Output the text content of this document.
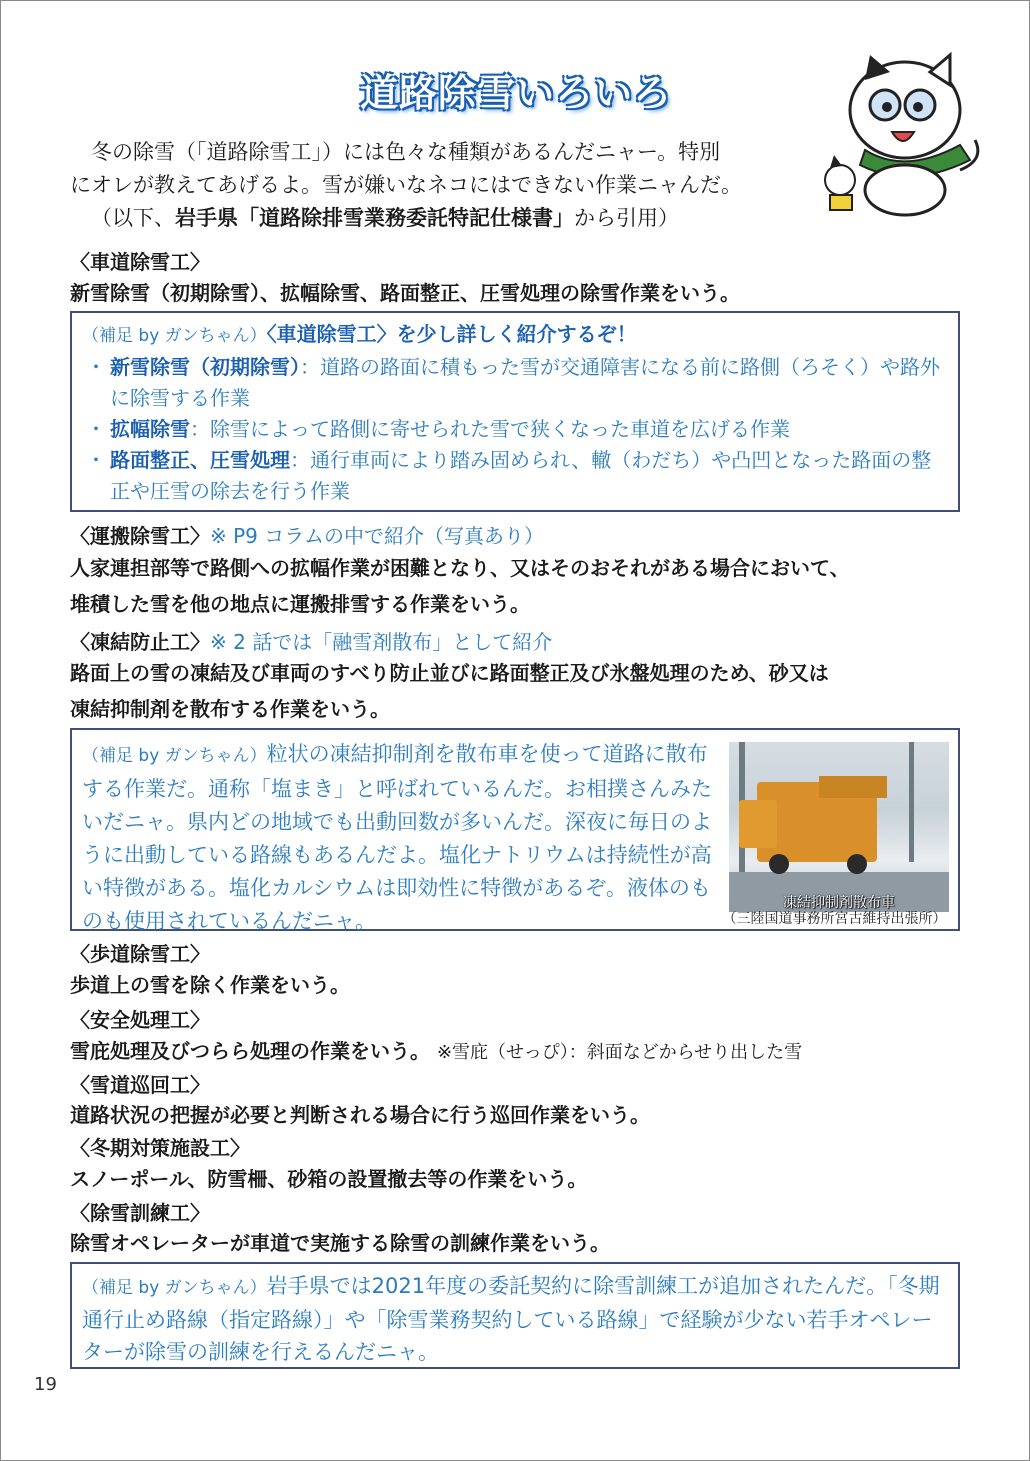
道路除雪いろいろ

冬の除雪（「道路除雪工」）には色々な種類があるんだニャー。特別

にオレが教えてあげるよ。雪が嫌いなネコにはできない作業ニャんだ。

（以下、岩手県「道路除排雪業務委託特記仕様書」から引用）

〈車道除雪工〉
新雪除雪（初期除雪）、拡幅除雪、路面整正、圧雪処理の除雪作業をいう。
（補足 by ガンちゃん）〈車道除雪工〉を少し詳しく紹介するぞ！
・ 新雪除雪（初期除雪）：道路の路面に積もった雪が交通障害になる前に路側（ろそく）や路外に除雪する作業
・ 拡幅除雪：除雪によって路側に寄せられた雪で狭くなった車道を広げる作業
・ 路面整正、圧雪処理：通行車両により踏み固められ、轍（わだち）や凸凹となった路面の整正や圧雪の除去を行う作業
〈運搬除雪工〉※ P9 コラムの中で紹介（写真あり）
人家連担部等で路側への拡幅作業が困難となり、又はそのおそれがある場合において、
堆積した雪を他の地点に運搬排雪する作業をいう。
〈凍結防止工〉※ 2 話では「融雪剤散布」として紹介
路面上の雪の凍結及び車両のすべり防止並びに路面整正及び氷盤処理のため、砂又は
凍結抑制剤を散布する作業をいう。
（補足 by ガンちゃん）粒状の凍結抑制剤を散布車を使って道路に散布する作業だ。通称「塩まき」と呼ばれているんだ。お相撲さんみたいだニャ。県内どの地域でも出動回数が多いんだ。深夜に毎日のように出動している路線もあるんだよ。塩化ナトリウムは持続性が高い特徴がある。塩化カルシウムは即効性に特徴があるぞ。液体のものも使用されているんだニャ。
凍結抑制剤散布車
（三陸国道事務所宮古維持出張所）
〈歩道除雪工〉
歩道上の雪を除く作業をいう。
〈安全処理工〉
雪庇処理及びつらら処理の作業をいう。 ※雪庇（せっぴ）：斜面などからせり出した雪
〈雪道巡回工〉
道路状況の把握が必要と判断される場合に行う巡回作業をいう。
〈冬期対策施設工〉
スノーポール、防雪柵、砂箱の設置撤去等の作業をいう。
〈除雪訓練工〉
除雪オペレーターが車道で実施する除雪の訓練作業をいう。
（補足 by ガンちゃん）岩手県では2021年度の委託契約に除雪訓練工が追加されたんだ。「冬期通行止め路線（指定路線）」や「除雪業務契約している路線」で経験が少ない若手オペレーターが除雪の訓練を行えるんだニャ。
19
